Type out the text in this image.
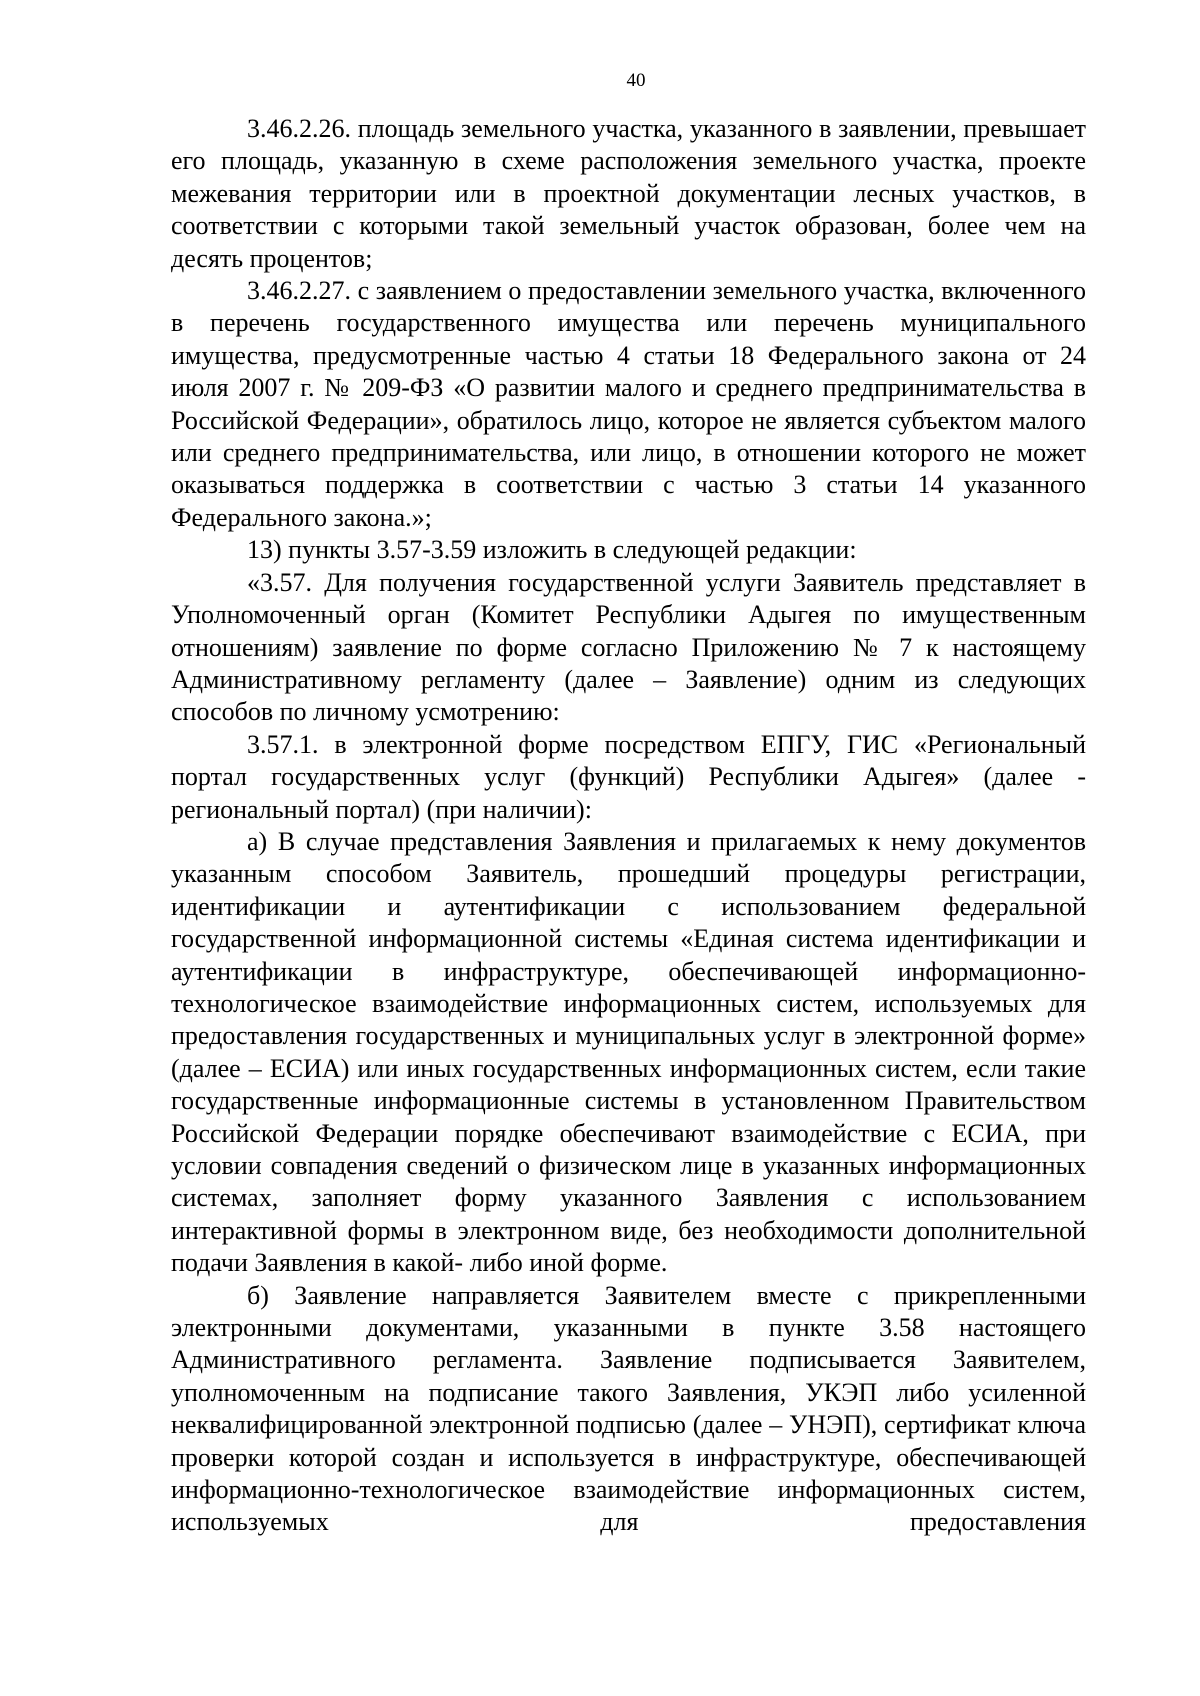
40

3.46.2.26. площадь земельного участка, указанного в заявлении, превышает его площадь, указанную в схеме расположения земельного участка, проекте межевания территории или в проектной документации лесных участков, в соответствии с которыми такой земельный участок образован, более чем на десять процентов;

3.46.2.27. с заявлением о предоставлении земельного участка, включенного в перечень государственного имущества или перечень муниципального имущества, предусмотренные частью 4 статьи 18 Федерального закона от 24 июля 2007 г. № 209-ФЗ «О развитии малого и среднего предпринимательства в Российской Федерации», обратилось лицо, которое не является субъектом малого или среднего предпринимательства, или лицо, в отношении которого не может оказываться поддержка в соответствии с частью 3 статьи 14 указанного Федерального закона.»;

13) пункты 3.57-3.59 изложить в следующей редакции:

«3.57. Для получения государственной услуги Заявитель представляет в Уполномоченный орган (Комитет Республики Адыгея по имущественным отношениям) заявление по форме согласно Приложению № 7 к настоящему Административному регламенту (далее – Заявление) одним из следующих способов по личному усмотрению:

3.57.1. в электронной форме посредством ЕПГУ, ГИС «Региональный портал государственных услуг (функций) Республики Адыгея» (далее - региональный портал) (при наличии):

а) В случае представления Заявления и прилагаемых к нему документов указанным способом Заявитель, прошедший процедуры регистрации, идентификации и аутентификации с использованием федеральной государственной информационной системы «Единая система идентификации и аутентификации в инфраструктуре, обеспечивающей информационно-технологическое взаимодействие информационных систем, используемых для предоставления государственных и муниципальных услуг в электронной форме» (далее – ЕСИА) или иных государственных информационных систем, если такие государственные информационные системы в установленном Правительством Российской Федерации порядке обеспечивают взаимодействие с ЕСИА, при условии совпадения сведений о физическом лице в указанных информационных системах, заполняет форму указанного Заявления с использованием интерактивной формы в электронном виде, без необходимости дополнительной подачи Заявления в какой- либо иной форме.

б) Заявление направляется Заявителем вместе с прикрепленными электронными документами, указанными в пункте 3.58 настоящего Административного регламента. Заявление подписывается Заявителем, уполномоченным на подписание такого Заявления, УКЭП либо усиленной неквалифицированной электронной подписью (далее – УНЭП), сертификат ключа проверки которой создан и используется в инфраструктуре, обеспечивающей информационно-технологическое взаимодействие информационных систем, используемых для предоставления
